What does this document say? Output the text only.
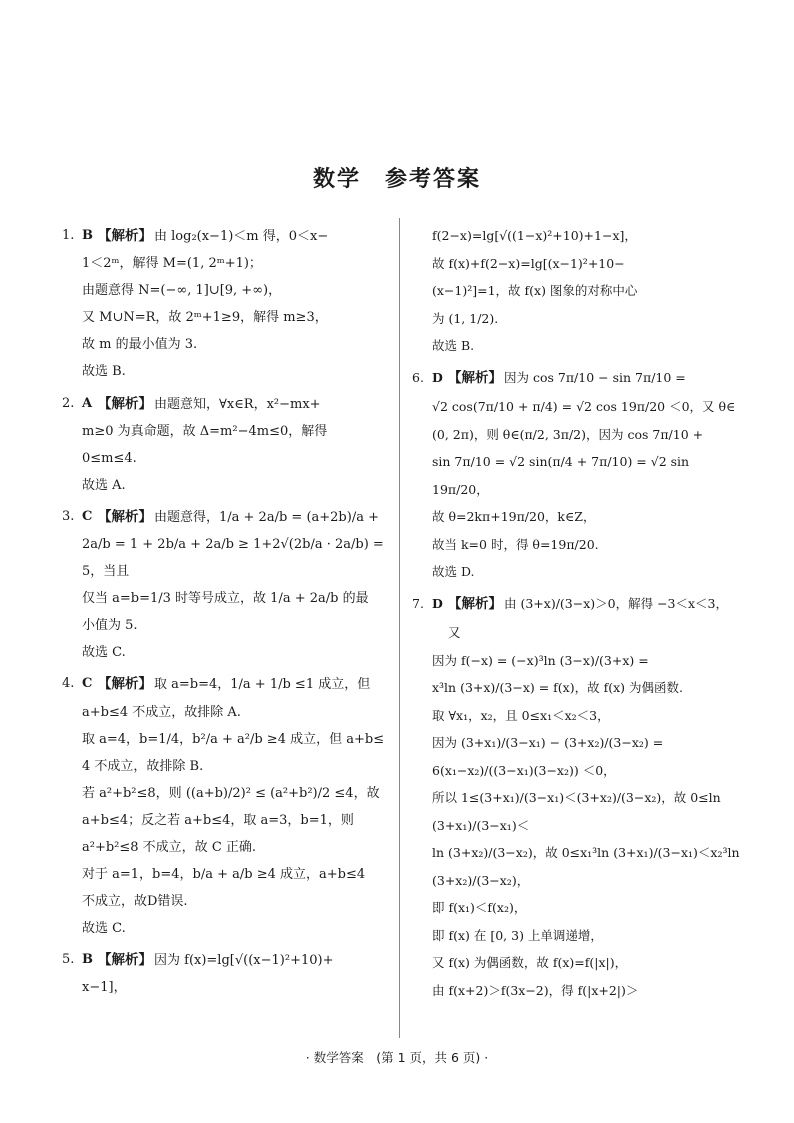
数学　参考答案
1. B 【解析】 由 log₂(x−1)＜m 得，0＜x−
1＜2ᵐ，解得 M=(1, 2ᵐ+1)；
由题意得 N=(−∞, 1]∪[9, +∞)，
又 M∪N=R，故 2ᵐ+1≥9，解得 m≥3，
故 m 的最小值为 3.
故选 B.
2. A 【解析】 由题意知，∀x∈R，x²−mx+
m≥0 为真命题，故 Δ=m²−4m≤0，解得
0≤m≤4.
故选 A.
3. C 【解析】 由题意得，1/a + 2a/b = (a+2b)/a +
2a/b = 1 + 2b/a + 2a/b ≥ 1+2√(2b/a · 2a/b) = 5，当且
仅当 a=b=1/3 时等号成立，故 1/a + 2a/b 的最
小值为 5.
故选 C.
4. C 【解析】 取 a=b=4，1/a + 1/b ≤1 成立，但
a+b≤4 不成立，故排除 A.
取 a=4，b=1/4，b²/a + a²/b ≥4 成立，但 a+b≤
4 不成立，故排除 B.
若 a²+b²≤8，则 ((a+b)/2)² ≤ (a²+b²)/2 ≤4，故
a+b≤4；反之若 a+b≤4，取 a=3，b=1，则
a²+b²≤8 不成立，故 C 正确.
对于 a=1，b=4，b/a + a/b ≥4 成立，a+b≤4
不成立，故D错误.
故选 C.
5. B 【解析】 因为 f(x)=lg[√((x−1)²+10)+
x−1]，
f(2−x)=lg[√((1−x)²+10)+1−x]，
故 f(x)+f(2−x)=lg[(x−1)²+10−
(x−1)²]=1，故 f(x) 图象的对称中心
为 (1, 1/2).
故选 B.
6. D 【解析】 因为 cos 7π/10 − sin 7π/10 =
√2 cos(7π/10 + π/4) = √2 cos 19π/20 ＜0，又 θ∈
(0, 2π)，则 θ∈(π/2, 3π/2)，因为 cos 7π/10 +
sin 7π/10 = √2 sin(π/4 + 7π/10) = √2 sin 19π/20，
故 θ=2kπ+19π/20，k∈Z，
故当 k=0 时，得 θ=19π/20.
故选 D.
7. D 【解析】 由 (3+x)/(3−x)＞0，解得 −3＜x＜3，又
因为 f(−x) = (−x)³ln (3−x)/(3+x) =
x³ln (3+x)/(3−x) = f(x)，故 f(x) 为偶函数.
取 ∀x₁，x₂，且 0≤x₁＜x₂＜3，
因为 (3+x₁)/(3−x₁) − (3+x₂)/(3−x₂) = 6(x₁−x₂)/((3−x₁)(3−x₂)) ＜0，
所以 1≤(3+x₁)/(3−x₁)＜(3+x₂)/(3−x₂)，故 0≤ln (3+x₁)/(3−x₁)＜
ln (3+x₂)/(3−x₂)，故 0≤x₁³ln (3+x₁)/(3−x₁)＜x₂³ln (3+x₂)/(3−x₂)，
即 f(x₁)＜f(x₂)，
即 f(x) 在 [0, 3) 上单调递增，
又 f(x) 为偶函数，故 f(x)=f(|x|)，
由 f(x+2)＞f(3x−2)，得 f(|x+2|)＞
· 数学答案　(第 1 页，共 6 页) ·
